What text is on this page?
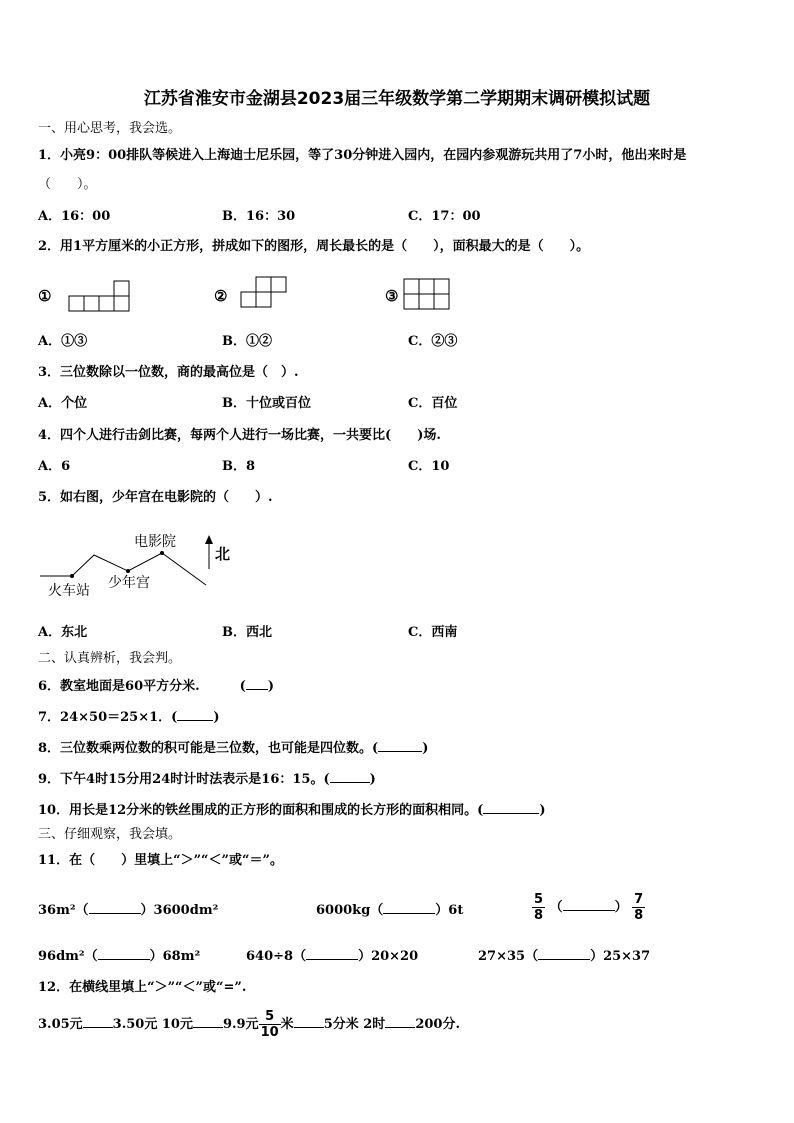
江苏省淮安市金湖县2023届三年级数学第二学期期末调研模拟试题
一、用心思考，我会选。
1．小亮9：00排队等候进入上海迪士尼乐园，等了30分钟进入园内，在园内参观游玩共用了7小时，他出来时是
（　　）。
A．16：00	B．16：30	C．17：00
2．用1平方厘米的小正方形，拼成如下的图形，周长最长的是（　　），面积最大的是（　　）。
①	②	③
A．①③	B．①②	C．②③
3．三位数除以一位数，商的最高位是（　）.
A．个位	B．十位或百位	C．百位
4．四个人进行击剑比赛，每两个人进行一场比赛，一共要比(　　)场.
A．6	B．8	C．10
5．如右图，少年宫在电影院的（　　）.
电影院
火车站 少年宫
北
A．东北	B．西北	C．西南
二、认真辨析，我会判。
6．教室地面是60平方分米.	( )
7．24×50＝25×1．(	)
8．三位数乘两位数的积可能是三位数，也可能是四位数。(	)
9．下午4时15分用24时计时法表示是16：15。(	)
10．用长是12分米的铁丝围成的正方形的面积和围成的长方形的面积相同。(	)
三、仔细观察，我会填。
11．在（　　）里填上“＞”“＜”或“＝”。
36m²（	）3600dm²	6000kg（	）6t	$\frac{5}{8}$ （	） $\frac{7}{8}$
96dm²（	）68m²	640÷8（	）20×20	27×35（	）25×37
12．在横线里填上“＞”“＜”或“=”.
3.05元 3.50元 10元 9.9元 $\frac{5}{10}$ 米 5分米 2时 200分.
